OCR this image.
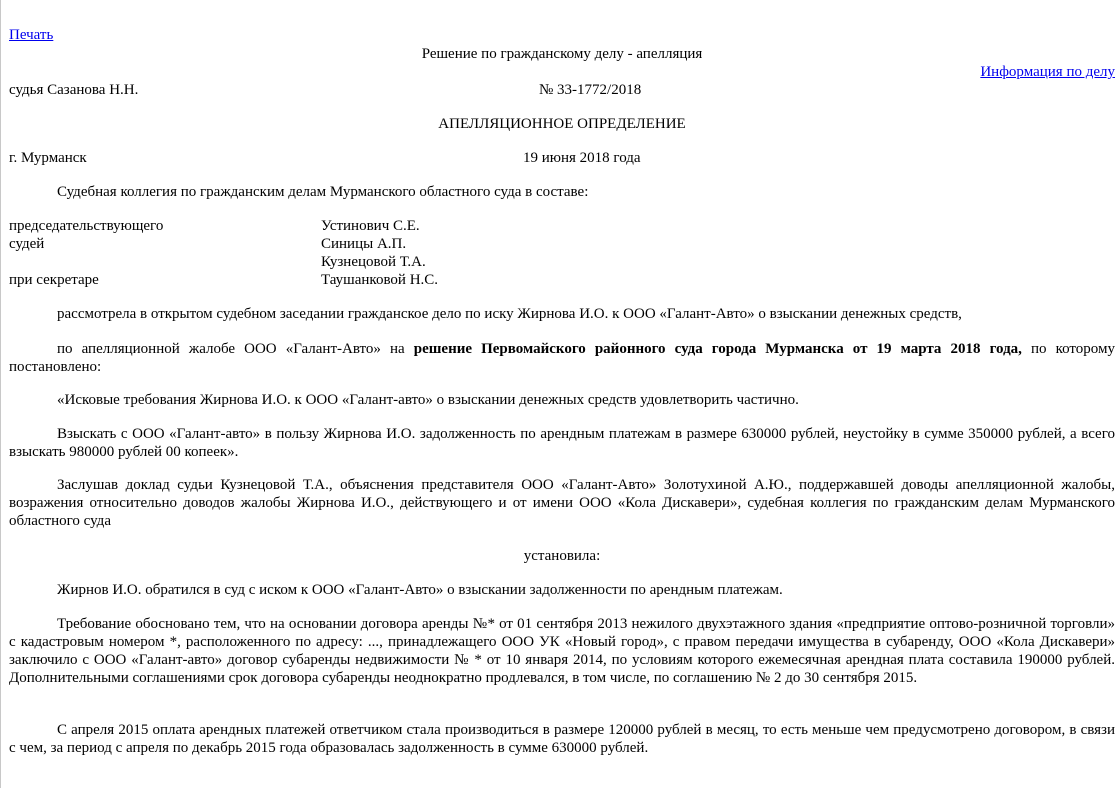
Печать
Решение по гражданскому делу - апелляция
Информация по делу
судья Сазанова Н.Н.	№ 33-1772/2018
АПЕЛЛЯЦИОННОЕ ОПРЕДЕЛЕНИЕ
г. Мурманск	19 июня 2018 года
Судебная коллегия по гражданским делам Мурманского областного суда в составе:
председательствующего	Устинович С.Е.
судей	Синицы А.П.
Кузнецовой Т.А.
при секретаре	Таушанковой Н.С.
рассмотрела в открытом судебном заседании гражданское дело по иску Жирнова И.О. к ООО «Галант-Авто» о взыскании денежных средств,
по апелляционной жалобе ООО «Галант-Авто» на решение Первомайского районного суда города Мурманска от 19 марта 2018 года, по которому постановлено:
«Исковые требования Жирнова И.О. к ООО «Галант-авто» о взыскании денежных средств удовлетворить частично.
Взыскать с ООО «Галант-авто» в пользу Жирнова И.О. задолженность по арендным платежам в размере 630000 рублей, неустойку в сумме 350000 рублей, а всего взыскать 980000 рублей 00 копеек».
Заслушав доклад судьи Кузнецовой Т.А., объяснения представителя ООО «Галант-Авто» Золотухиной А.Ю., поддержавшей доводы апелляционной жалобы, возражения относительно доводов жалобы Жирнова И.О., действующего и от имени ООО «Кола Дискавери», судебная коллегия по гражданским делам Мурманского областного суда
установила:
Жирнов И.О. обратился в суд с иском к ООО «Галант-Авто» о взыскании задолженности по арендным платежам.
Требование обосновано тем, что на основании договора аренды №* от 01 сентября 2013 нежилого двухэтажного здания «предприятие оптово-розничной торговли» с кадастровым номером *, расположенного по адресу: ..., принадлежащего ООО УК «Новый город», с правом передачи имущества в субаренду, ООО «Кола Дискавери» заключило с ООО «Галант-авто» договор субаренды недвижимости № * от 10 января 2014, по условиям которого ежемесячная арендная плата составила 190000 рублей. Дополнительными соглашениями срок договора субаренды неоднократно продлевался, в том числе, по соглашению № 2 до 30 сентября 2015.
С апреля 2015 оплата арендных платежей ответчиком стала производиться в размере 120000 рублей в месяц, то есть меньше чем предусмотрено договором, в связи с чем, за период с апреля по декабрь 2015 года образовалась задолженность в сумме 630000 рублей.
